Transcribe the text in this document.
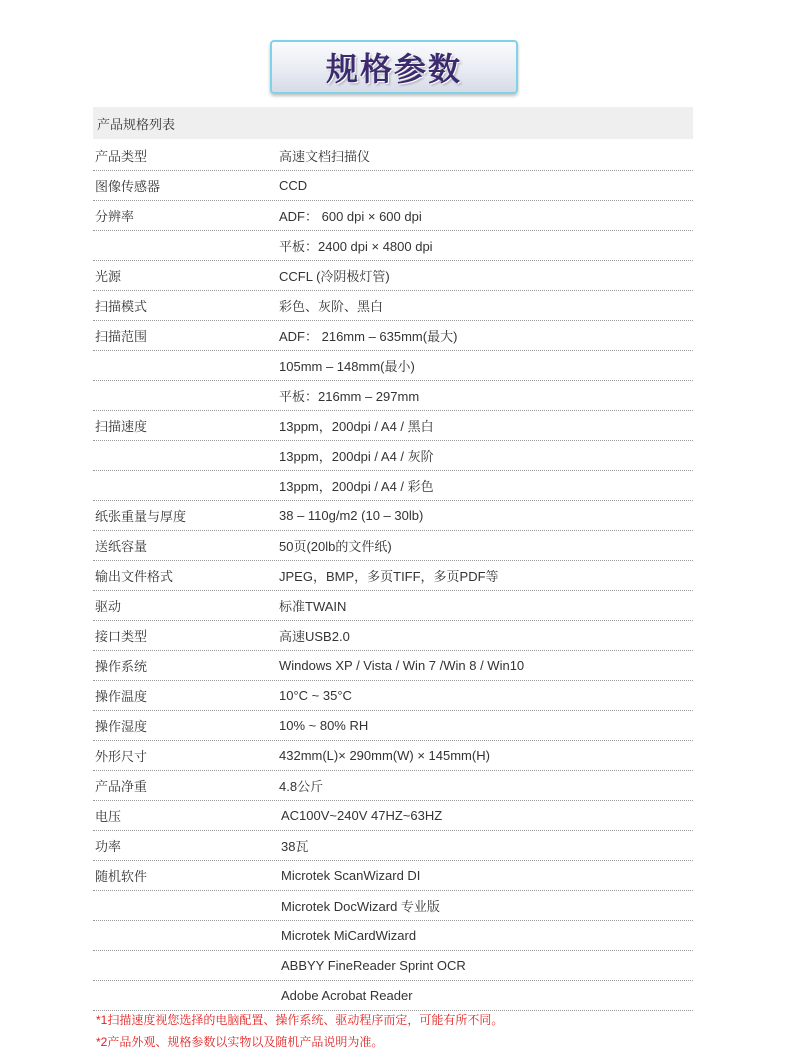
规格参数
产品规格列表
产品类型	高速文档扫描仪
图像传感器	CCD
分辨率	ADF： 600 dpi × 600 dpi
平板：2400 dpi × 4800 dpi
光源	CCFL (冷阴极灯管)
扫描模式	彩色、灰阶、黑白
扫描范围	ADF： 216mm – 635mm(最大)
105mm – 148mm(最小)
平板：216mm – 297mm
扫描速度	13ppm，200dpi / A4 / 黑白
13ppm，200dpi / A4 / 灰阶
13ppm，200dpi / A4 / 彩色
纸张重量与厚度	38 – 110g/m2 (10 – 30lb)
送纸容量	50页(20lb的文件纸)
输出文件格式	JPEG，BMP，多页TIFF，多页PDF等
驱动	标准TWAIN
接口类型	高速USB2.0
操作系统	Windows XP / Vista / Win 7 /Win 8 / Win10
操作温度	10°C ~ 35°C
操作湿度	10% ~ 80% RH
外形尺寸	432mm(L)× 290mm(W) × 145mm(H)
产品净重	4.8公斤
电压	AC100V~240V 47HZ~63HZ
功率	38瓦
随机软件	Microtek ScanWizard DI
Microtek DocWizard 专业版
Microtek MiCardWizard
ABBYY FineReader Sprint OCR
Adobe Acrobat Reader
*1扫描速度视您选择的电脑配置、操作系统、驱动程序而定，可能有所不同。
*2产品外观、规格参数以实物以及随机产品说明为准。
